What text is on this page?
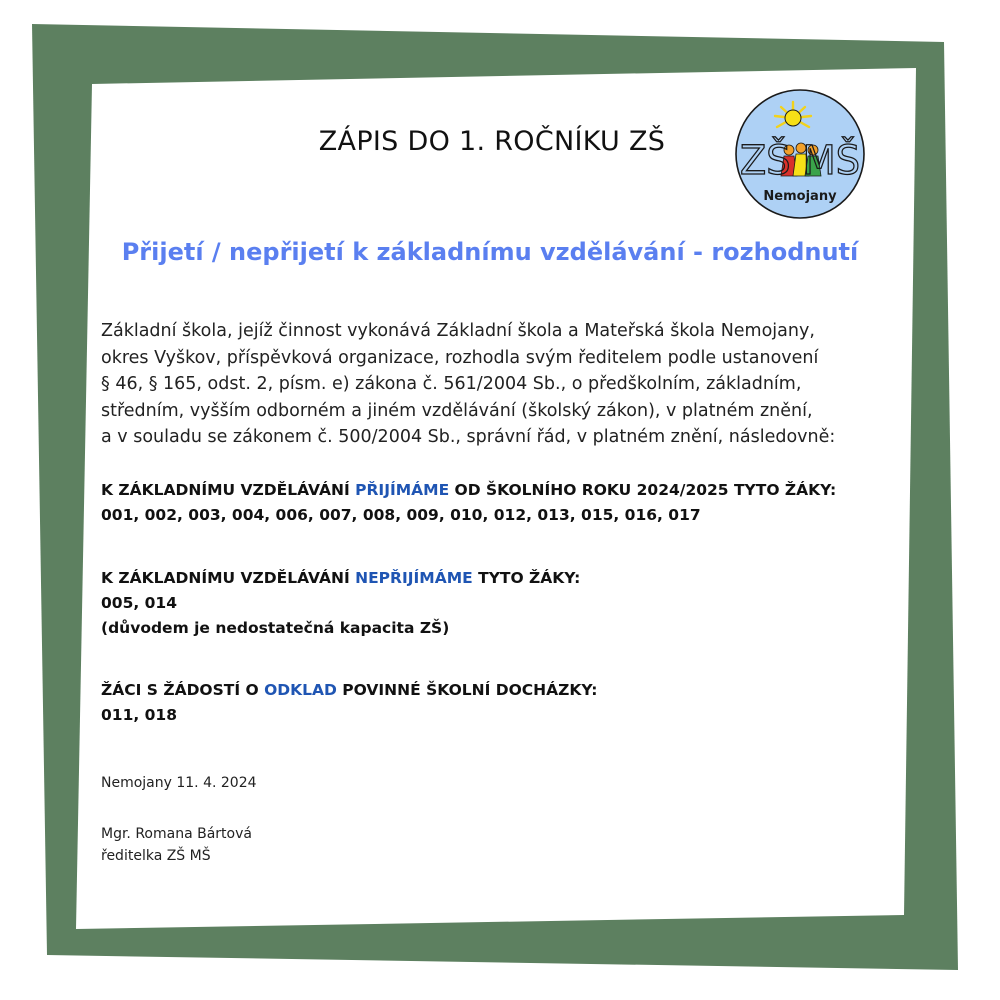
ZÁPIS DO 1. ROČNÍKU ZŠ	ZŠ MŠ
Nemojany
Přijetí / nepřijetí k základnímu vzdělávání - rozhodnutí
Základní škola, jejíž činnost vykonává Základní škola a Mateřská škola Nemojany,
okres Vyškov, příspěvková organizace, rozhodla svým ředitelem podle ustanovení
§ 46, § 165, odst. 2, písm. e) zákona č. 561/2004 Sb., o předškolním, základním,
středním, vyšším odborném a jiném vzdělávání (školský zákon), v platném znění,
a v souladu se zákonem č. 500/2004 Sb., správní řád, v platném znění, následovně:
K ZÁKLADNÍMU VZDĚLÁVÁNÍ PŘIJÍMÁME OD ŠKOLNÍHO ROKU 2024/2025 TYTO ŽÁKY:
001, 002, 003, 004, 006, 007, 008, 009, 010, 012, 013, 015, 016, 017
K ZÁKLADNÍMU VZDĚLÁVÁNÍ NEPŘIJÍMÁME TYTO ŽÁKY:
005, 014
(důvodem je nedostatečná kapacita ZŠ)
ŽÁCI S ŽÁDOSTÍ O ODKLAD POVINNÉ ŠKOLNÍ DOCHÁZKY:
011, 018
Nemojany 11. 4. 2024
Mgr. Romana Bártová
ředitelka ZŠ MŠ
